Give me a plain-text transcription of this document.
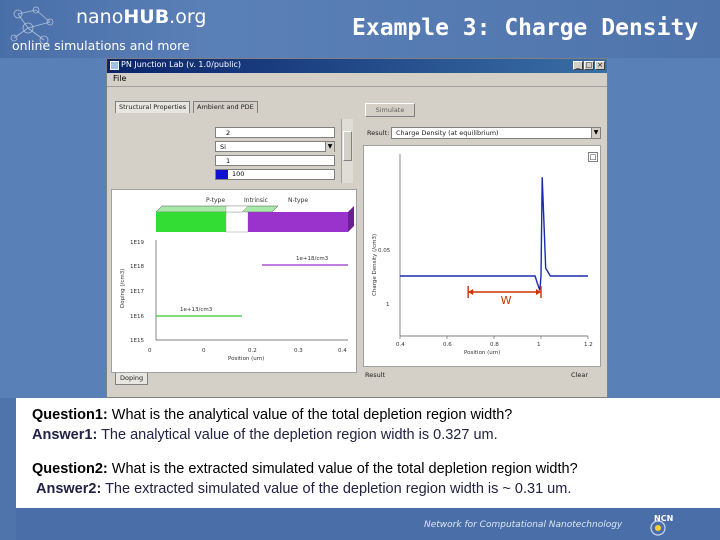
nanoHUB.org
online simulations and more
Example 3: Charge Density
Network for Computational Nanotechnology
NCN
PN Junction Lab (v. 1.0/public)	_ □ ×
File
Structural Properties	Ambient and PDE	Simulate
2
Si	▼
1
100
Result:	Charge Density (at equilibrium)	▼
P-type	Intrinsic	N-type
1E19
1E18
1E17
1E16
1E15
0	0	0.2	0.3	0.4
Position (um)
Doping (/cm3)
1e+18/cm3
1e+13/cm3
□
0.05
1
Charge Density (/cm3)
0.4	0.6	0.8	1	1.2
Position (um)
W
Doping	Result	Clear
Question1: What is the analytical value of the total depletion region width?
Answer1: The analytical value of the depletion region width is 0.327 um.
Question2: What is the extracted simulated value of the total depletion region width?
Answer2: The extracted simulated value of the depletion region width is ~ 0.31 um.
